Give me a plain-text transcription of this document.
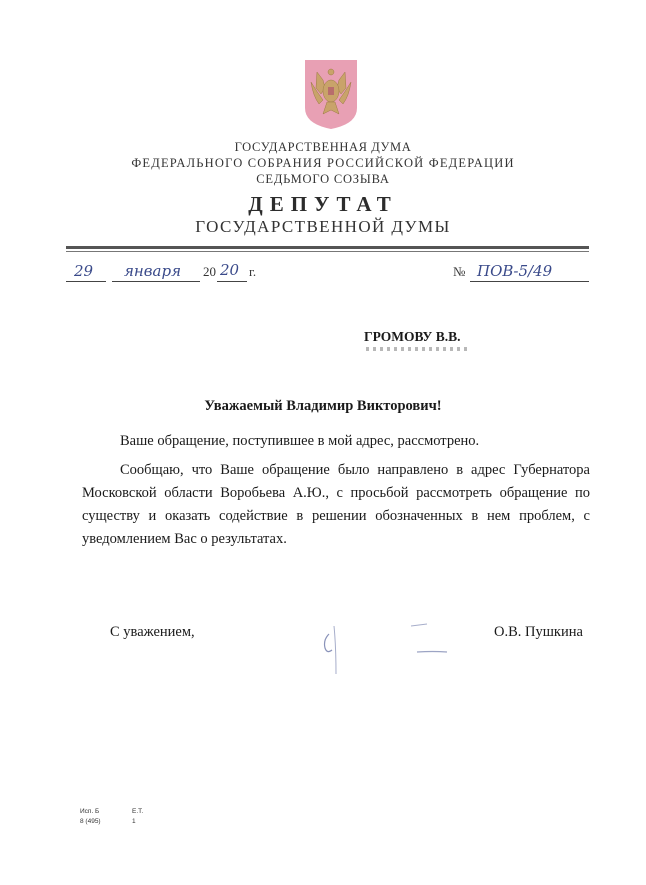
ГОСУДАРСТВЕННАЯ ДУМА
ФЕДЕРАЛЬНОГО СОБРАНИЯ РОССИЙСКОЙ ФЕДЕРАЦИИ
СЕДЬМОГО СОЗЫВА
ДЕПУТАТ
ГОСУДАРСТВЕННОЙ ДУМЫ
29 января 20 20 г.	№ ПОВ-5/49
ГРОМОВУ В.В.
Уважаемый Владимир Викторович!
Ваше обращение, поступившее в мой адрес, рассмотрено.
Сообщаю, что Ваше обращение было направлено в адрес Губернатора Московской области Воробьева А.Ю., с просьбой рассмотреть обращение по существу и оказать содействие в решении обозначенных в нем проблем, с уведомлением Вас о результатах.
С уважением,	О.В. Пушкина
Исп. Б	Е.Т.
8 (495)	1
